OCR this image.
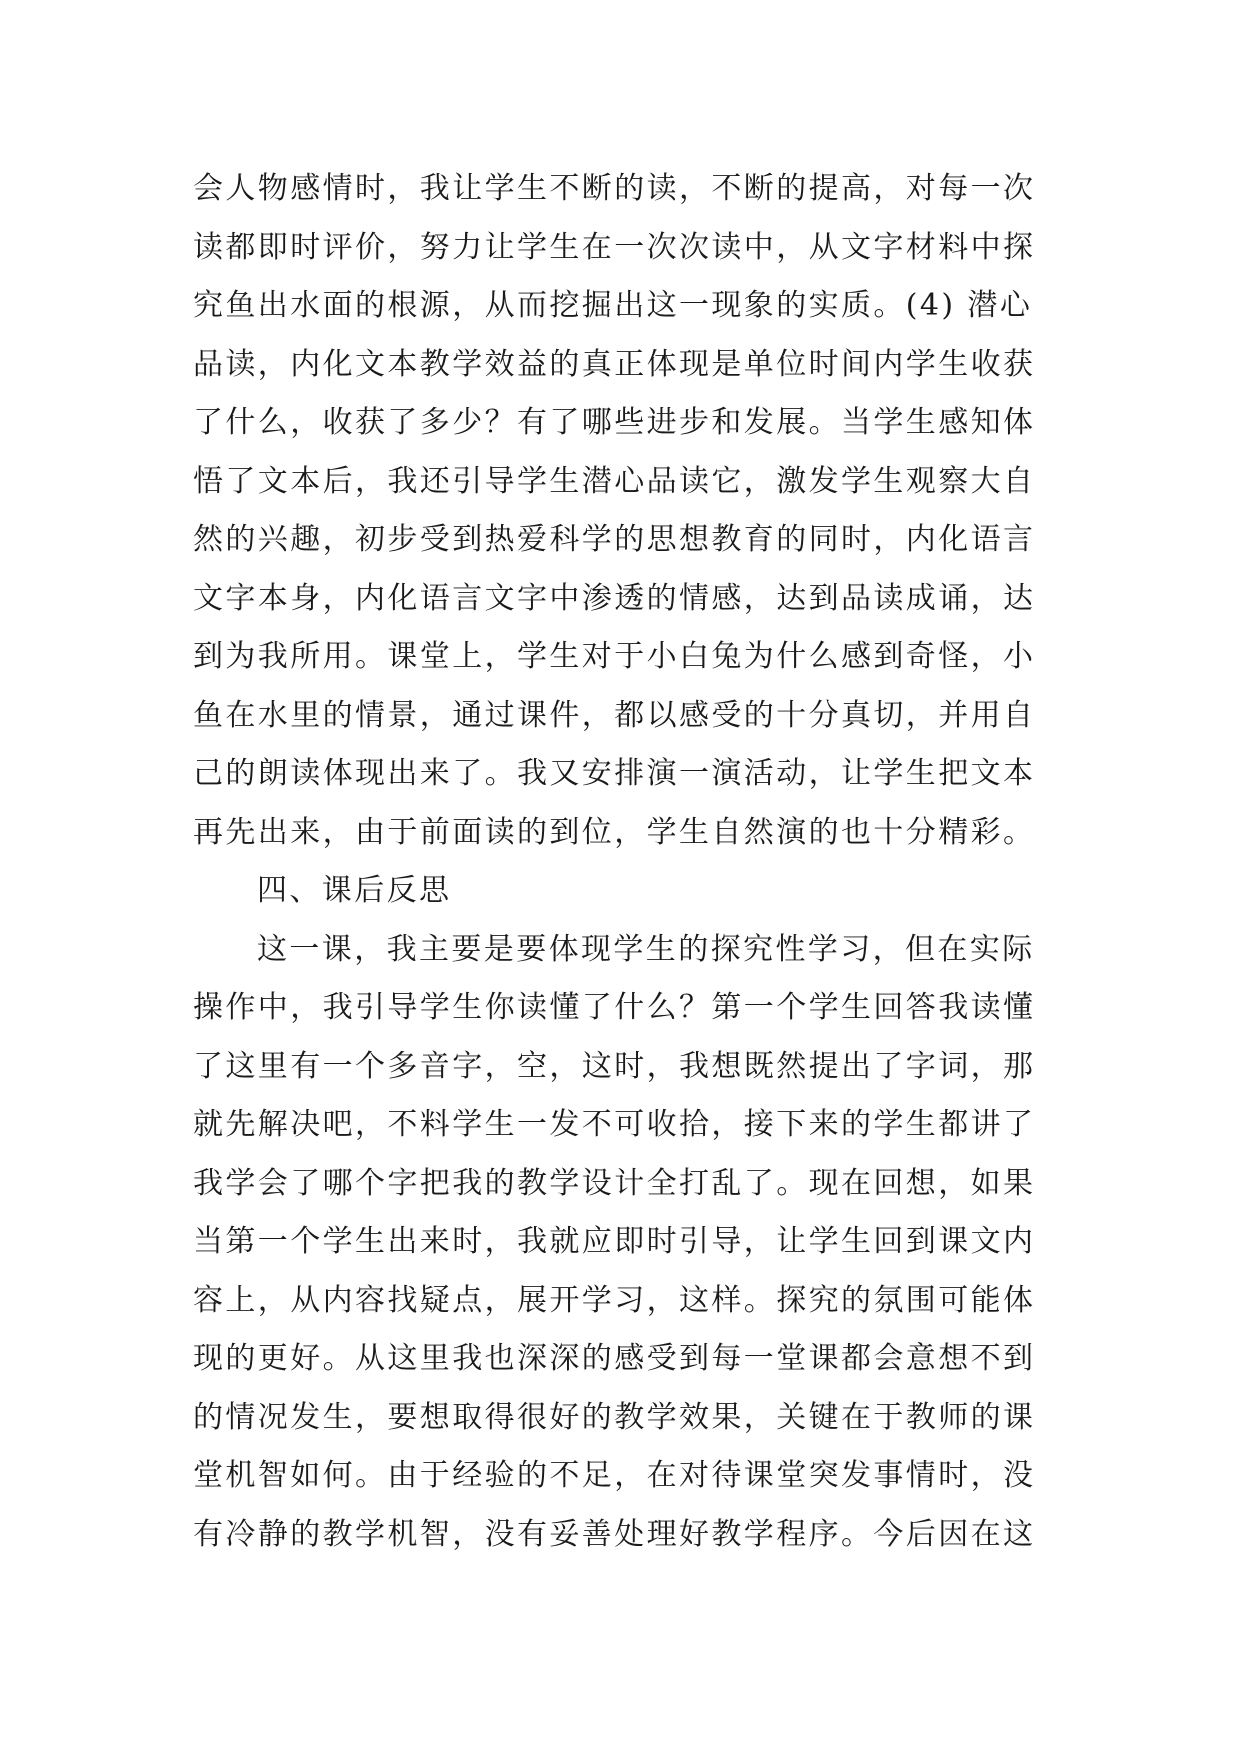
会人物感情时，我让学生不断的读，不断的提高，对每一次
读都即时评价，努力让学生在一次次读中，从文字材料中探
究鱼出水面的根源，从而挖掘出这一现象的实质。(4) 潜心
品读，内化文本教学效益的真正体现是单位时间内学生收获
了什么，收获了多少？有了哪些进步和发展。当学生感知体
悟了文本后，我还引导学生潜心品读它，激发学生观察大自
然的兴趣，初步受到热爱科学的思想教育的同时，内化语言
文字本身，内化语言文字中渗透的情感，达到品读成诵，达
到为我所用。课堂上，学生对于小白兔为什么感到奇怪，小
鱼在水里的情景，通过课件，都以感受的十分真切，并用自
己的朗读体现出来了。我又安排演一演活动，让学生把文本
再先出来，由于前面读的到位，学生自然演的也十分精彩。
四、课后反思
这一课，我主要是要体现学生的探究性学习，但在实际
操作中，我引导学生你读懂了什么？第一个学生回答我读懂
了这里有一个多音字，空，这时，我想既然提出了字词，那
就先解决吧，不料学生一发不可收拾，接下来的学生都讲了
我学会了哪个字把我的教学设计全打乱了。现在回想，如果
当第一个学生出来时，我就应即时引导，让学生回到课文内
容上，从内容找疑点，展开学习，这样。探究的氛围可能体
现的更好。从这里我也深深的感受到每一堂课都会意想不到
的情况发生，要想取得很好的教学效果，关键在于教师的课
堂机智如何。由于经验的不足，在对待课堂突发事情时，没
有冷静的教学机智，没有妥善处理好教学程序。今后因在这
